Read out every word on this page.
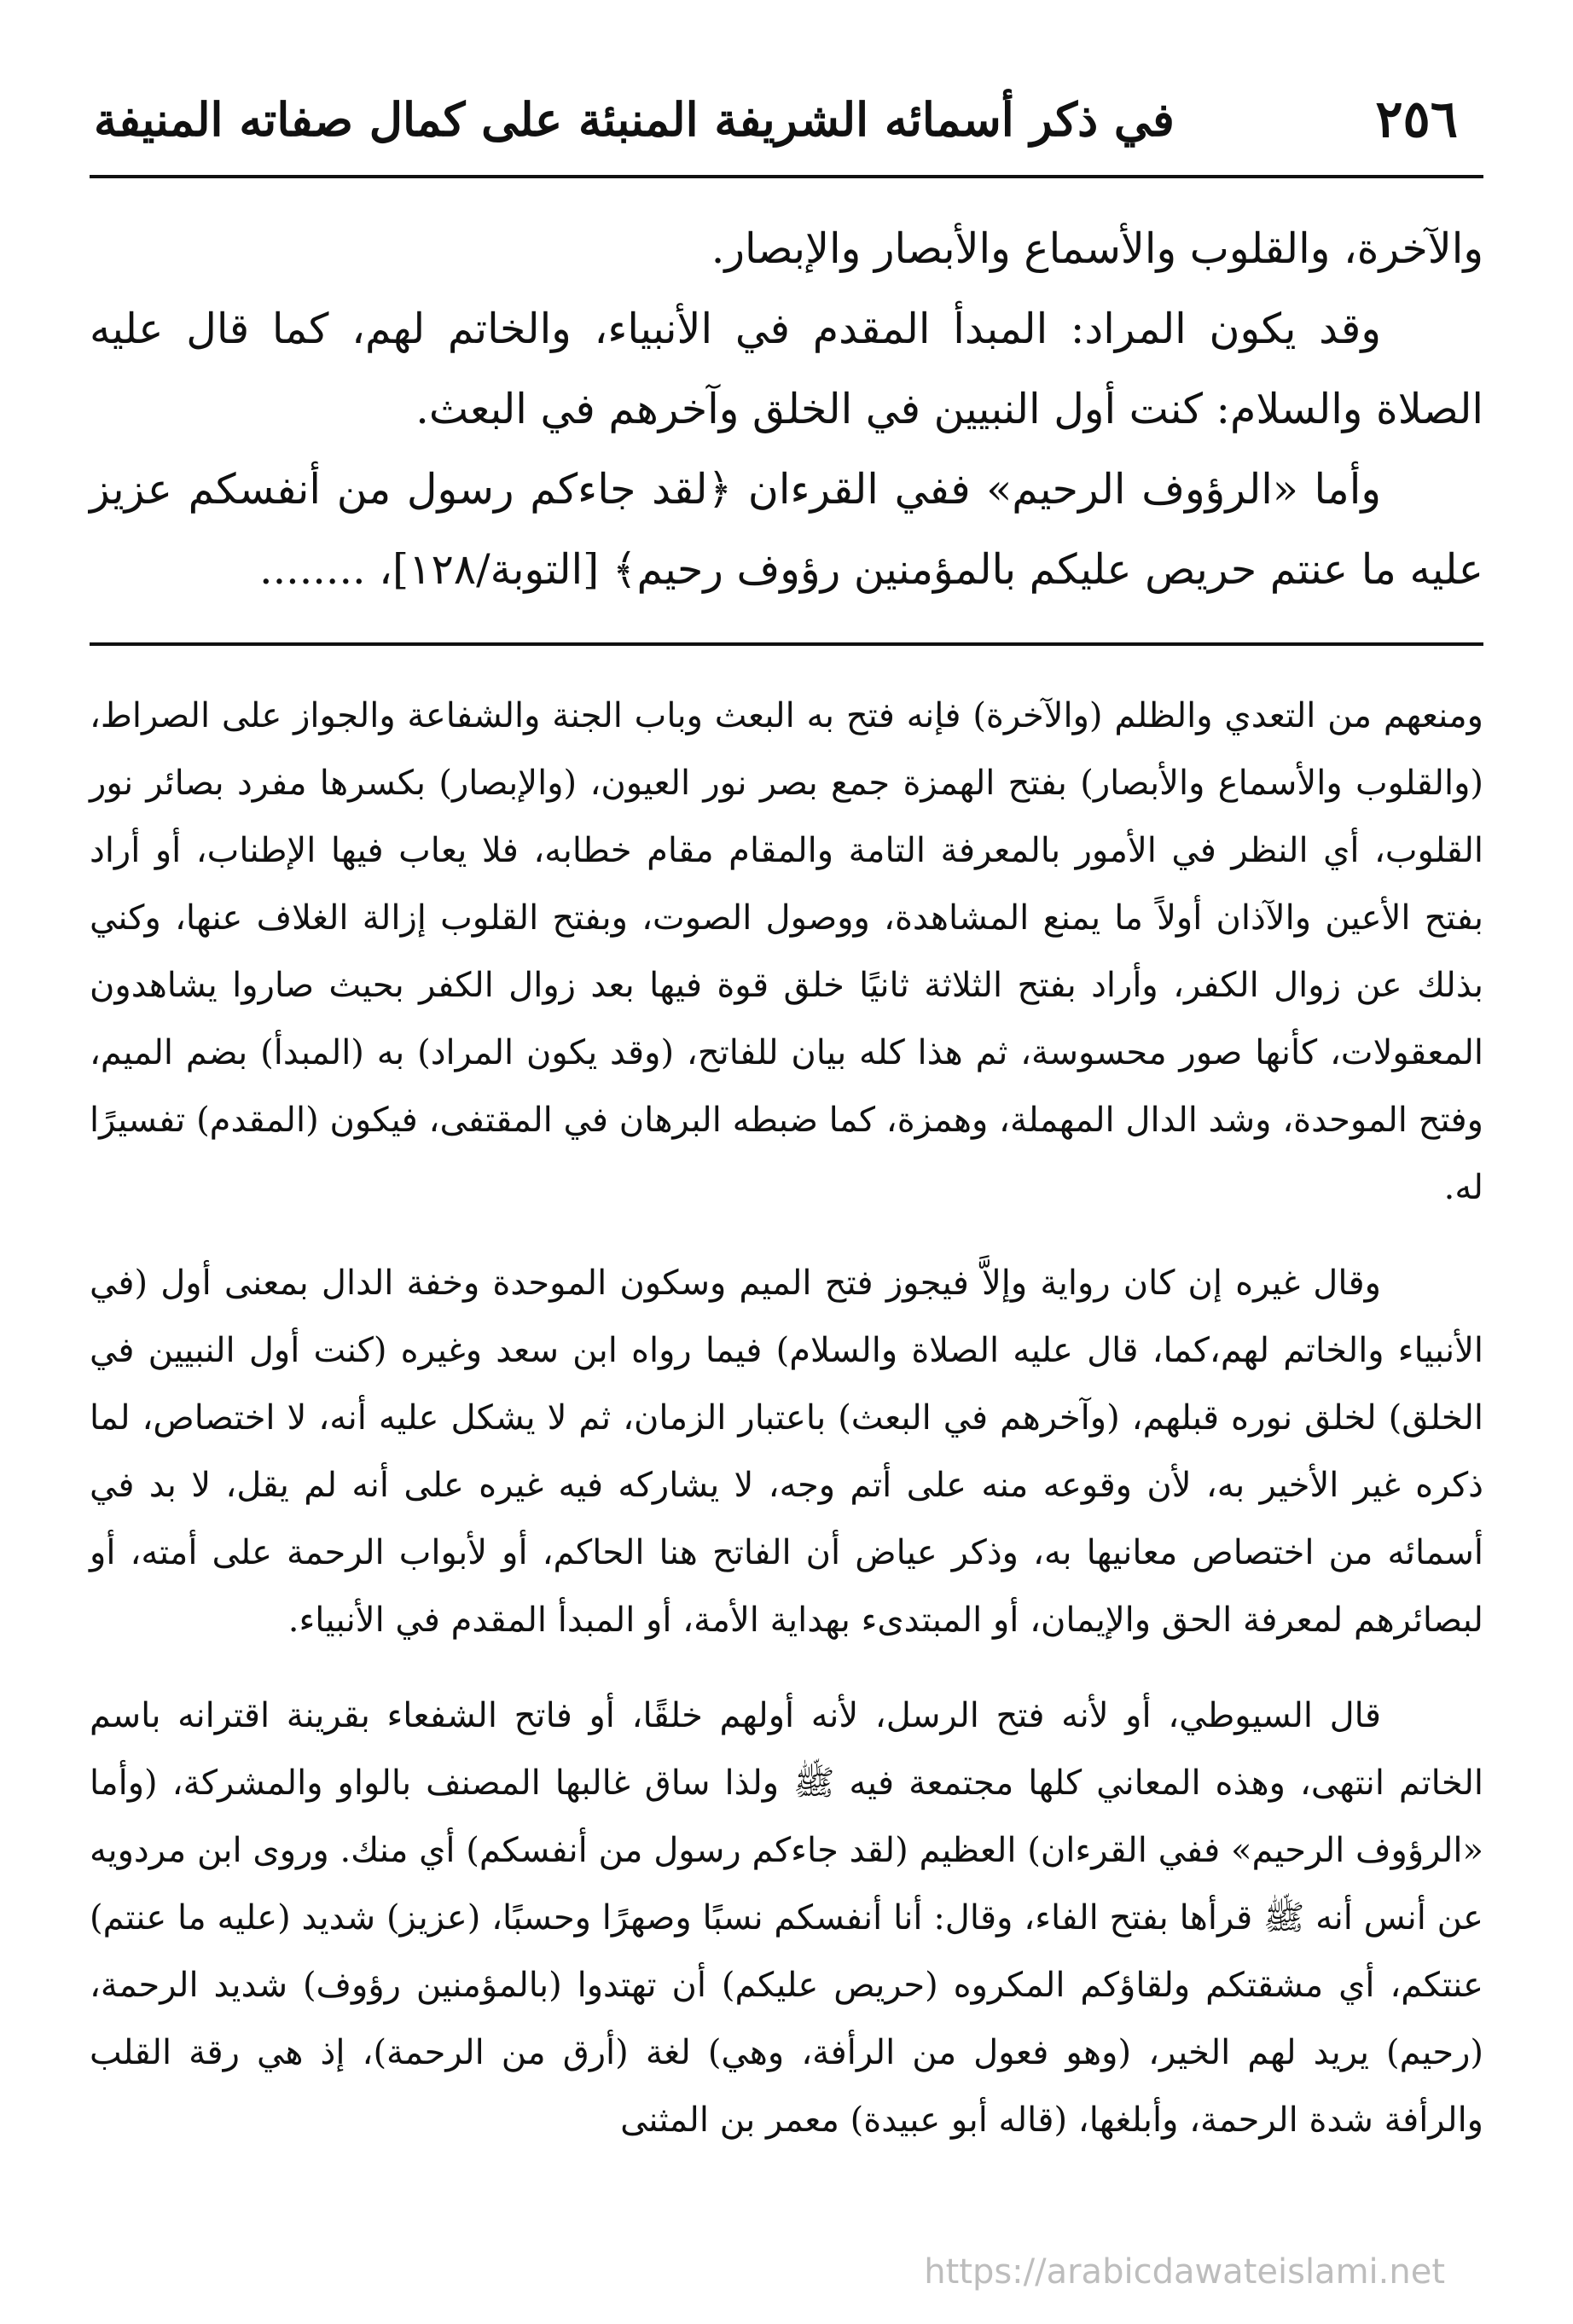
٢٥٦
في ذكر أسمائه الشريفة المنبئة على كمال صفاته المنيفة

والآخرة، والقلوب والأسماع والأبصار والإبصار.

وقد يكون المراد: المبدأ المقدم في الأنبياء، والخاتم لهم، كما قال عليه الصلاة والسلام: كنت أول النبيين في الخلق وآخرهم في البعث.

وأما «الرؤوف الرحيم» ففي القرءان ﴿لقد جاءكم رسول من أنفسكم عزيز عليه ما عنتم حريص عليكم بالمؤمنين رؤوف رحيم﴾ [التوبة/١٢٨]، ........

ومنعهم من التعدي والظلم (والآخرة) فإنه فتح به البعث وباب الجنة والشفاعة والجواز على الصراط، (والقلوب والأسماع والأبصار) بفتح الهمزة جمع بصر نور العيون، (والإبصار) بكسرها مفرد بصائر نور القلوب، أي النظر في الأمور بالمعرفة التامة والمقام مقام خطابه، فلا يعاب فيها الإطناب، أو أراد بفتح الأعين والآذان أولاً ما يمنع المشاهدة، ووصول الصوت، وبفتح القلوب إزالة الغلاف عنها، وكني بذلك عن زوال الكفر، وأراد بفتح الثلاثة ثانيًا خلق قوة فيها بعد زوال الكفر بحيث صاروا يشاهدون المعقولات، كأنها صور محسوسة، ثم هذا كله بيان للفاتح، (وقد يكون المراد) به (المبدأ) بضم الميم، وفتح الموحدة، وشد الدال المهملة، وهمزة، كما ضبطه البرهان في المقتفى، فيكون (المقدم) تفسيرًا له.

وقال غيره إن كان رواية وإلاَّ فيجوز فتح الميم وسكون الموحدة وخفة الدال بمعنى أول (في الأنبياء والخاتم لهم،كما، قال عليه الصلاة والسلام) فيما رواه ابن سعد وغيره (كنت أول النبيين في الخلق) لخلق نوره قبلهم، (وآخرهم في البعث) باعتبار الزمان، ثم لا يشكل عليه أنه، لا اختصاص، لما ذكره غير الأخير به، لأن وقوعه منه على أتم وجه، لا يشاركه فيه غيره على أنه لم يقل، لا بد في أسمائه من اختصاص معانيها به، وذكر عياض أن الفاتح هنا الحاكم، أو لأبواب الرحمة على أمته، أو لبصائرهم لمعرفة الحق والإيمان، أو المبتدىء بهداية الأمة، أو المبدأ المقدم في الأنبياء.

قال السيوطي، أو لأنه فتح الرسل، لأنه أولهم خلقًا، أو فاتح الشفعاء بقرينة اقترانه باسم الخاتم انتهى، وهذه المعاني كلها مجتمعة فيه ﷺ ولذا ساق غالبها المصنف بالواو والمشركة، (وأما «الرؤوف الرحيم» ففي القرءان) العظيم (لقد جاءكم رسول من أنفسكم) أي منك. وروى ابن مردويه عن أنس أنه ﷺ قرأها بفتح الفاء، وقال: أنا أنفسكم نسبًا وصهرًا وحسبًا، (عزيز) شديد (عليه ما عنتم) عنتكم، أي مشقتكم ولقاؤكم المكروه (حريص عليكم) أن تهتدوا (بالمؤمنين رؤوف) شديد الرحمة، (رحيم) يريد لهم الخير، (وهو فعول من الرأفة، وهي) لغة (أرق من الرحمة)، إذ هي رقة القلب والرأفة شدة الرحمة، وأبلغها، (قاله أبو عبيدة) معمر بن المثنى

https://arabicdawateislami.net
